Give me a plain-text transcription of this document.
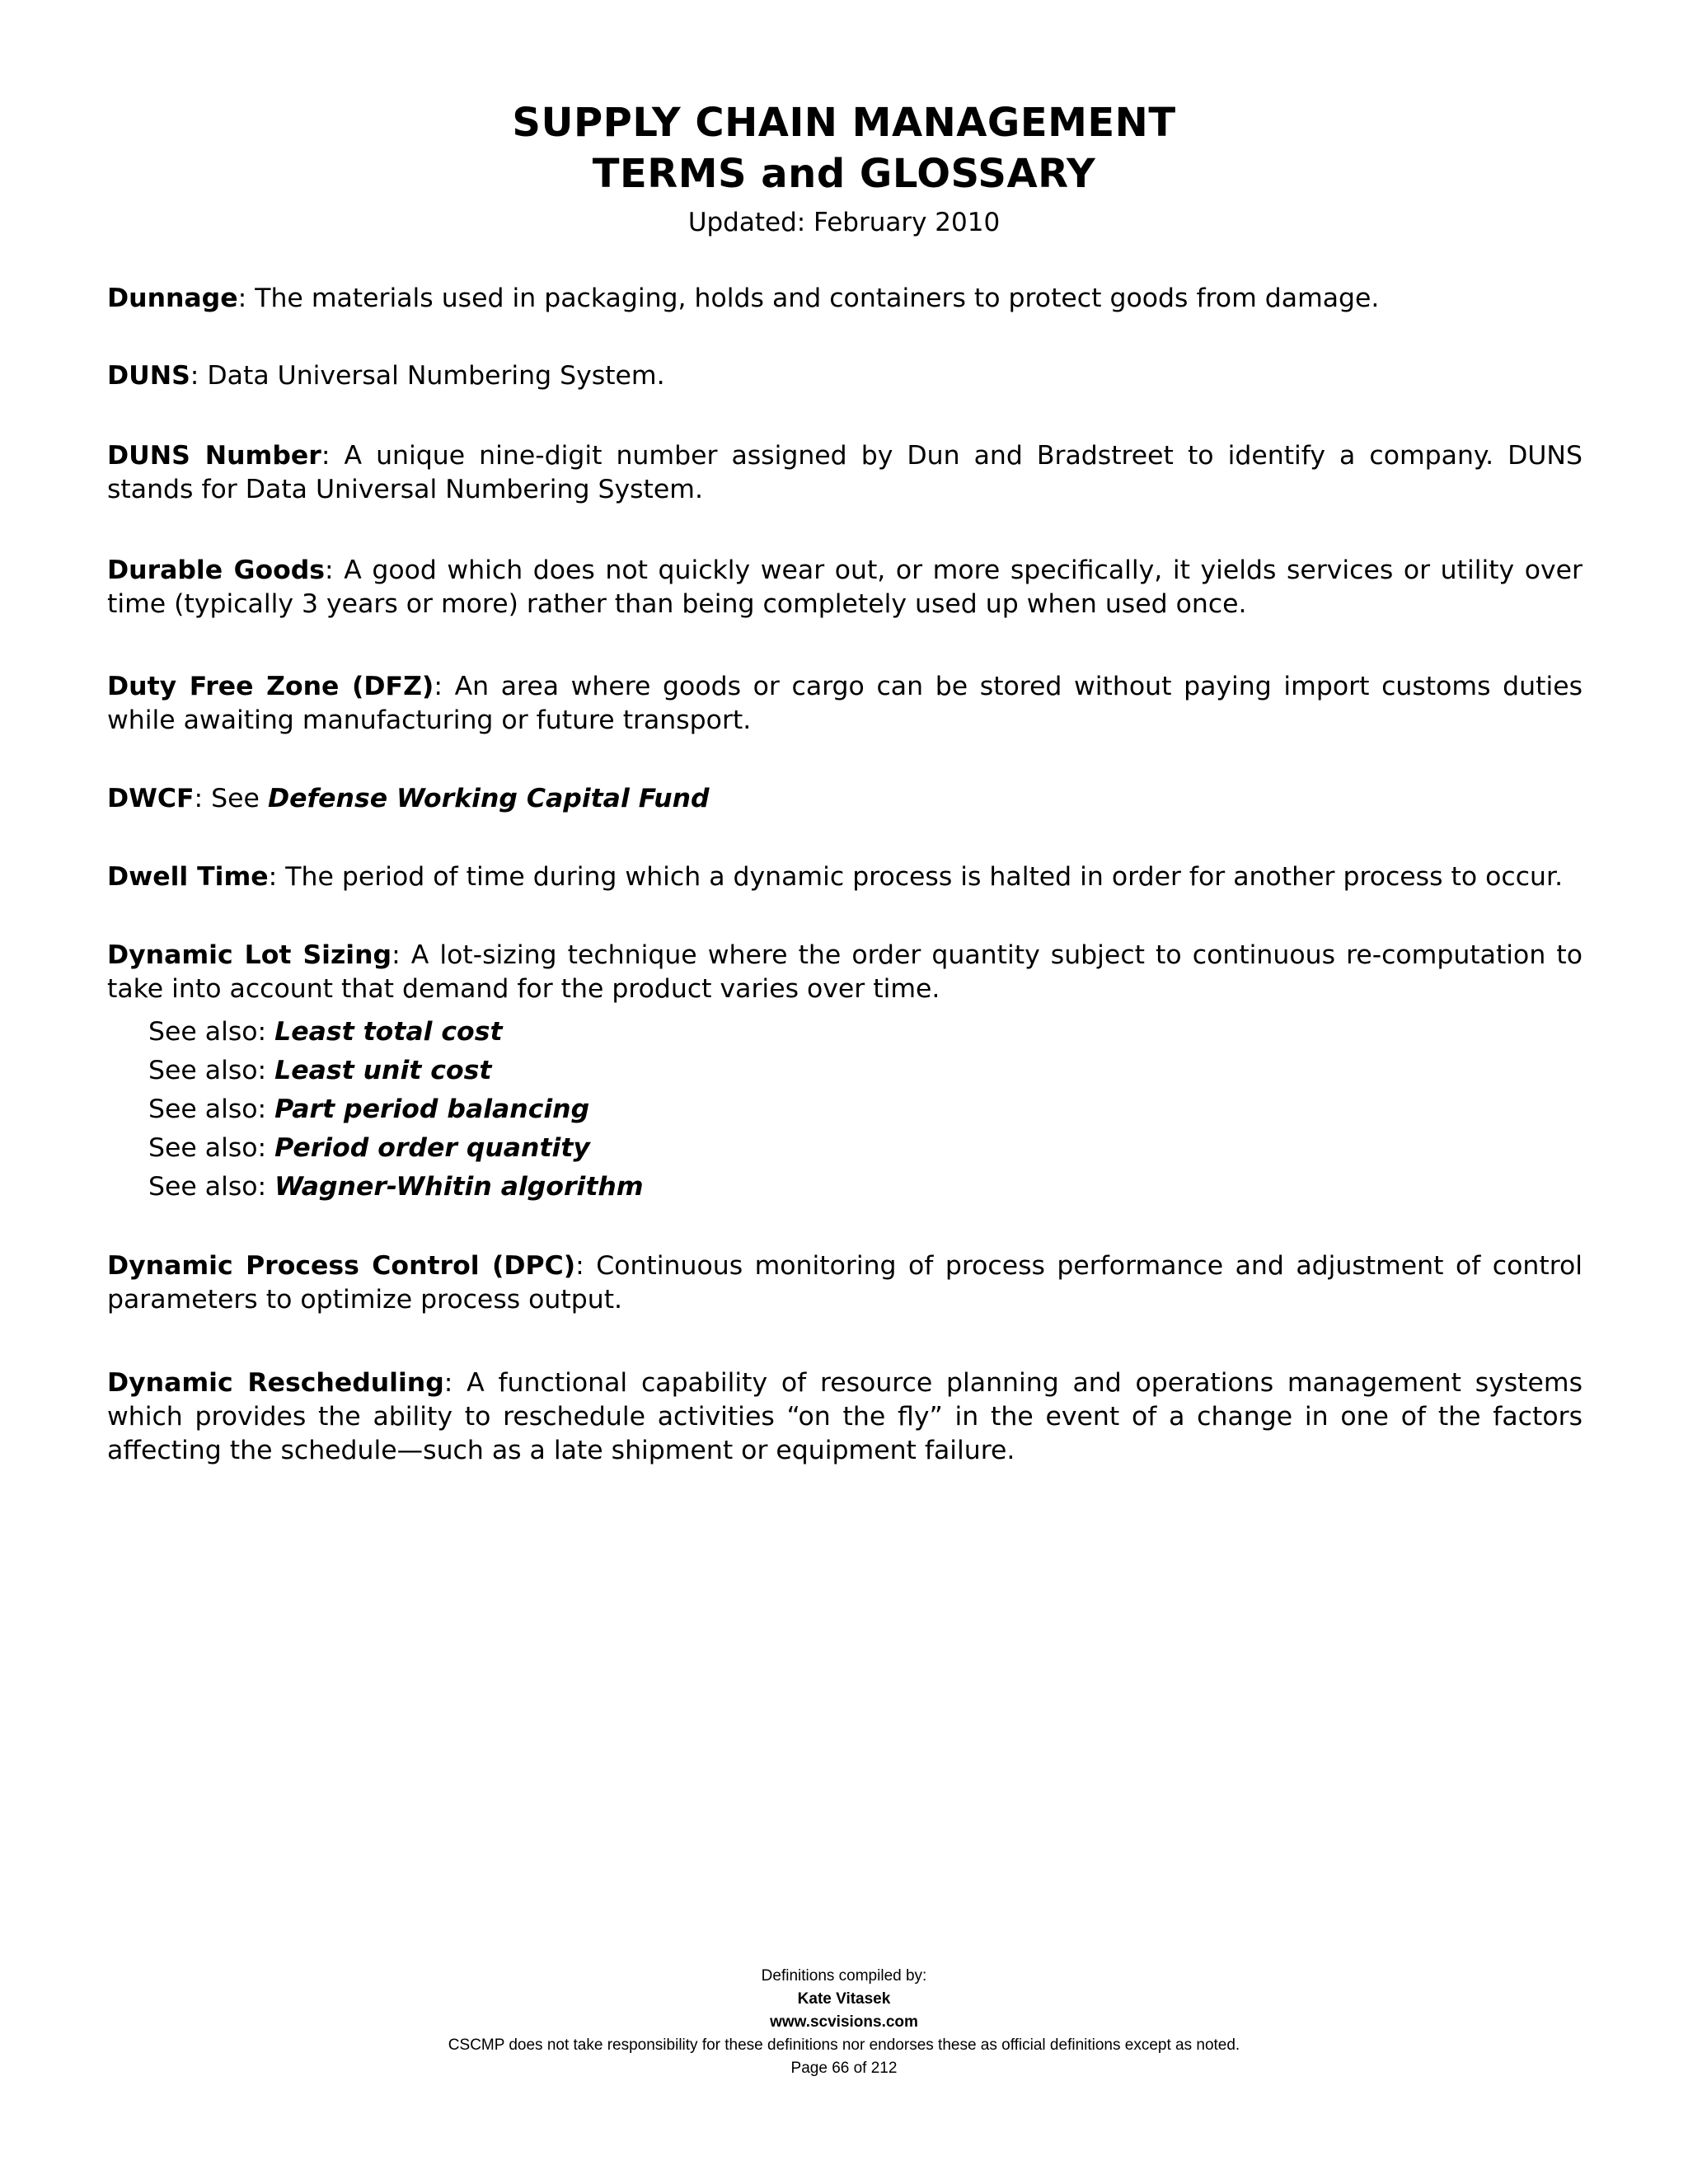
SUPPLY CHAIN MANAGEMENT
TERMS and GLOSSARY
Updated: February 2010

Dunnage: The materials used in packaging, holds and containers to protect goods from damage.

DUNS: Data Universal Numbering System.

DUNS Number: A unique nine-digit number assigned by Dun and Bradstreet to identify a company. DUNS stands for Data Universal Numbering System.

Durable Goods: A good which does not quickly wear out, or more specifically, it yields services or utility over time (typically 3 years or more) rather than being completely used up when used once.

Duty Free Zone (DFZ): An area where goods or cargo can be stored without paying import customs duties while awaiting manufacturing or future transport.

DWCF: See Defense Working Capital Fund

Dwell Time: The period of time during which a dynamic process is halted in order for another process to occur.

Dynamic Lot Sizing: A lot-sizing technique where the order quantity subject to continuous re-computation to take into account that demand for the product varies over time.

See also: Least total cost
See also: Least unit cost
See also: Part period balancing
See also: Period order quantity
See also: Wagner-Whitin algorithm

Dynamic Process Control (DPC): Continuous monitoring of process performance and adjustment of control parameters to optimize process output.

Dynamic Rescheduling: A functional capability of resource planning and operations management systems which provides the ability to reschedule activities “on the fly” in the event of a change in one of the factors affecting the schedule—such as a late shipment or equipment failure.

Definitions compiled by:
Kate Vitasek
www.scvisions.com
CSCMP does not take responsibility for these definitions nor endorses these as official definitions except as noted.
Page 66 of 212
